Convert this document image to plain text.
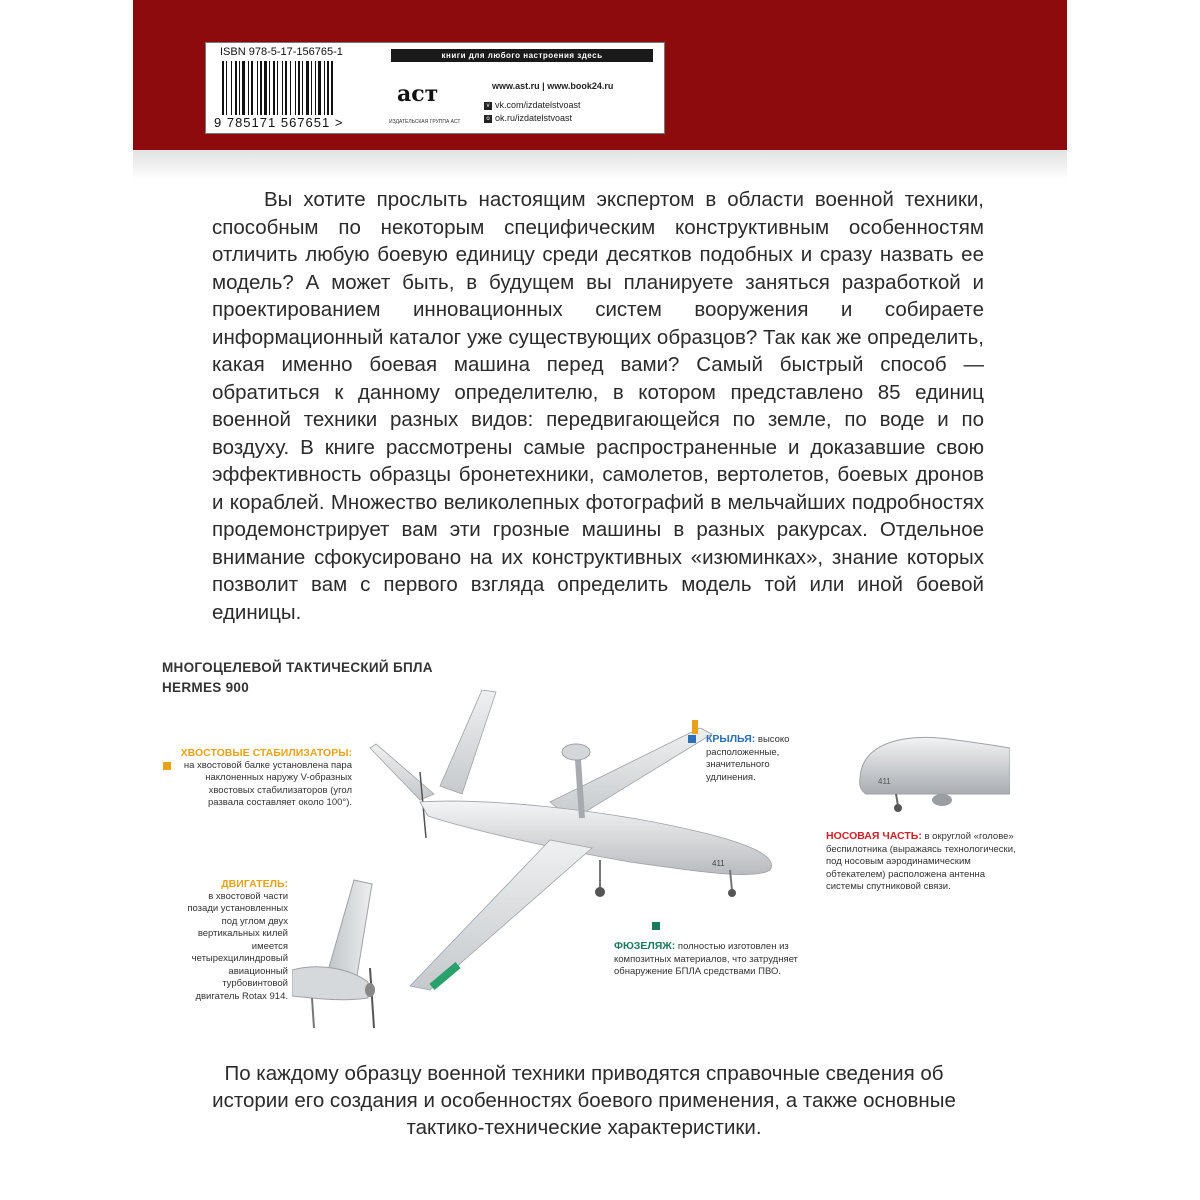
ISBN 978-5-17-156765-1	книги для любого настроения здесь
9 785171 567651 >
аст
ИЗДАТЕЛЬСКАЯ ГРУППА АСТ
www.ast.ru | www.book24.ru
v vk.com/izdatelstvoast
o ok.ru/izdatelstvoast

Вы хотите прослыть настоящим экспертом в области военной техники, способным по некоторым специфическим конструктивным особенностям отличить любую боевую единицу среди десятков подобных и сразу назвать ее модель? А может быть, в будущем вы планируете заняться разработкой и проектированием инновационных систем вооружения и собираете информационный каталог уже существующих образцов? Так как же определить, какая именно боевая машина перед вами? Самый быстрый способ — обратиться к данному определителю, в котором представлено 85 единиц военной техники разных видов: передвигающейся по земле, по воде и по воздуху. В книге рассмотрены самые распространенные и доказавшие свою эффективность образцы бронетехники, самолетов, вертолетов, боевых дронов и кораблей. Множество великолепных фотографий в мельчайших подробностях продемонстрирует вам эти грозные машины в разных ракурсах. Отдельное внимание сфокусировано на их конструктивных «изюминках», знание которых позволит вам с первого взгляда определить модель той или иной боевой единицы.

МНОГОЦЕЛЕВОЙ ТАКТИЧЕСКИЙ БПЛА
HERMES 900
411
411
ХВОСТОВЫЕ СТАБИЛИЗАТОРЫ:
на хвостовой балке установлена пара наклоненных наружу V-образных хвостовых стабилизаторов (угол развала составляет около 100°).
ДВИГАТЕЛЬ:
в хвостовой части позади установленных под углом двух вертикальных килей имеется четырехцилиндровый авиационный турбовинтовой двигатель Rotax 914.
КРЫЛЬЯ: высоко расположенные, значительного удлинения.
НОСОВАЯ ЧАСТЬ: в округлой «голове» беспилотника (выражаясь технологически, под носовым аэродинамическим обтекателем) расположена антенна системы спутниковой связи.
ФЮЗЕЛЯЖ: полностью изготовлен из композитных материалов, что затрудняет обнаружение БПЛА средствами ПВО.

По каждому образцу военной техники приводятся справочные сведения об истории его создания и особенностях боевого применения, а также основные тактико-технические характеристики.
